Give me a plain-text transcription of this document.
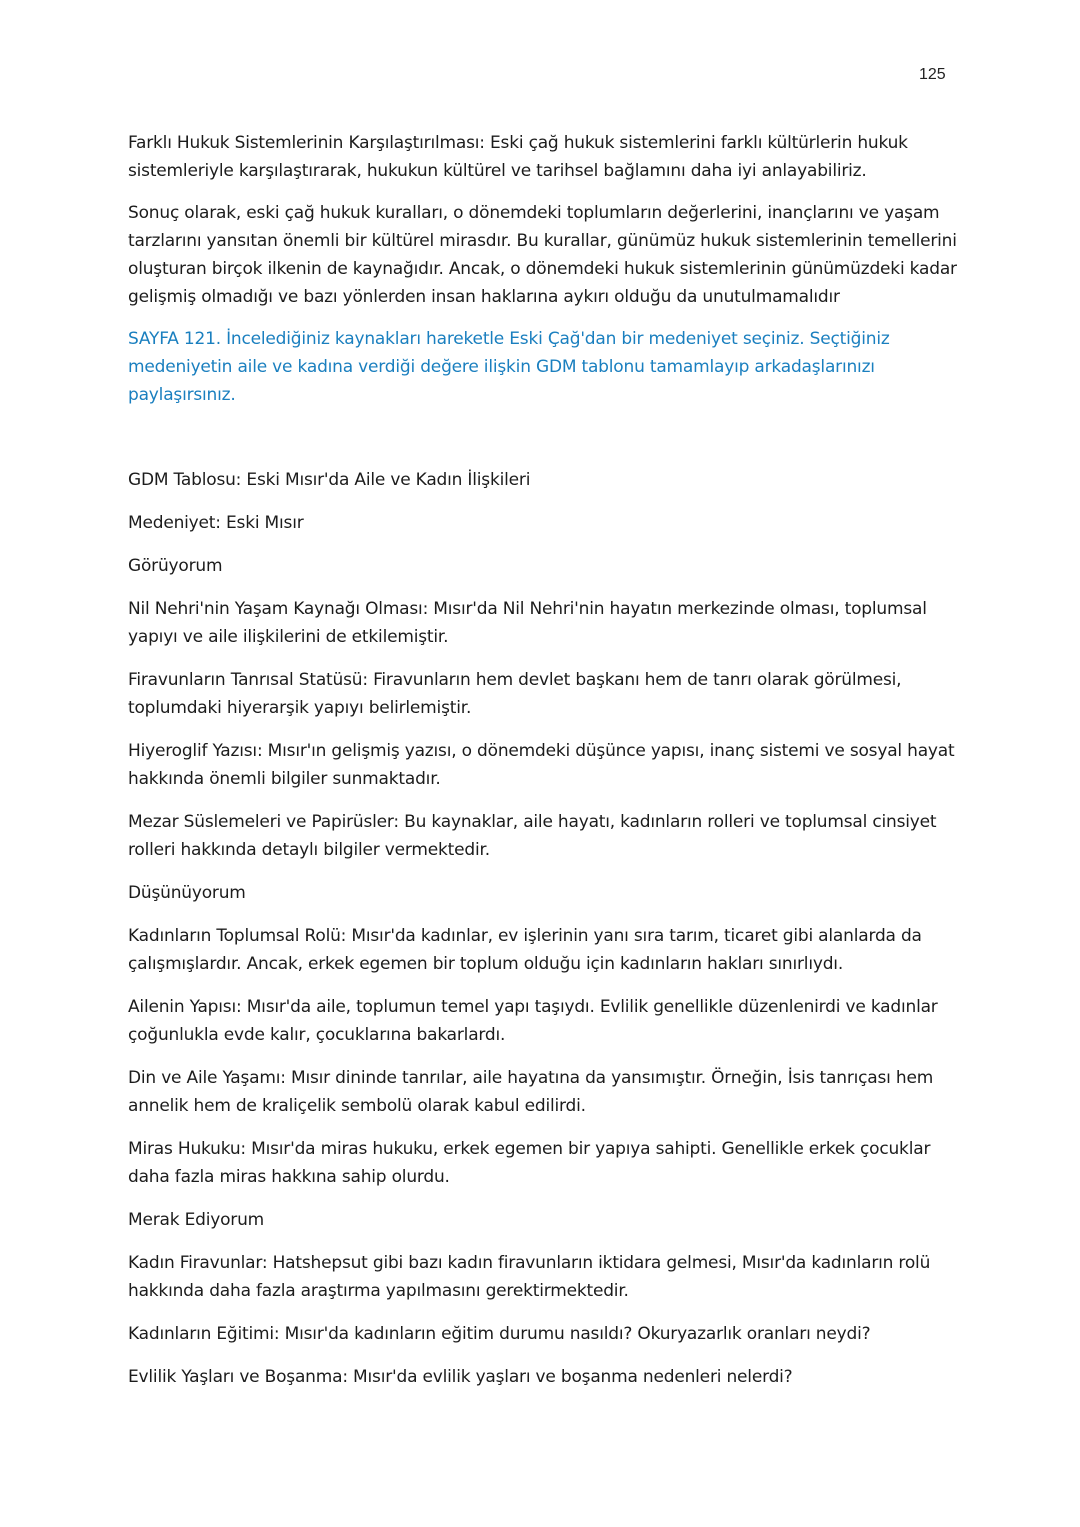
125

Farklı Hukuk Sistemlerinin Karşılaştırılması: Eski çağ hukuk sistemlerini farklı kültürlerin hukuk sistemleriyle karşılaştırarak, hukukun kültürel ve tarihsel bağlamını daha iyi anlayabiliriz.

Sonuç olarak, eski çağ hukuk kuralları, o dönemdeki toplumların değerlerini, inançlarını ve yaşam tarzlarını yansıtan önemli bir kültürel mirasdır. Bu kurallar, günümüz hukuk sistemlerinin temellerini oluşturan birçok ilkenin de kaynağıdır. Ancak, o dönemdeki hukuk sistemlerinin günümüzdeki kadar gelişmiş olmadığı ve bazı yönlerden insan haklarına aykırı olduğu da unutulmamalıdır

SAYFA 121. İncelediğiniz kaynakları hareketle Eski Çağ'dan bir medeniyet seçiniz. Seçtiğiniz medeniyetin aile ve kadına verdiği değere ilişkin GDM tablonu tamamlayıp arkadaşlarınızı paylaşırsınız.

GDM Tablosu: Eski Mısır'da Aile ve Kadın İlişkileri

Medeniyet: Eski Mısır

Görüyorum

Nil Nehri'nin Yaşam Kaynağı Olması: Mısır'da Nil Nehri'nin hayatın merkezinde olması, toplumsal yapıyı ve aile ilişkilerini de etkilemiştir.

Firavunların Tanrısal Statüsü: Firavunların hem devlet başkanı hem de tanrı olarak görülmesi, toplumdaki hiyerarşik yapıyı belirlemiştir.

Hiyeroglif Yazısı: Mısır'ın gelişmiş yazısı, o dönemdeki düşünce yapısı, inanç sistemi ve sosyal hayat hakkında önemli bilgiler sunmaktadır.

Mezar Süslemeleri ve Papirüsler: Bu kaynaklar, aile hayatı, kadınların rolleri ve toplumsal cinsiyet rolleri hakkında detaylı bilgiler vermektedir.

Düşünüyorum

Kadınların Toplumsal Rolü: Mısır'da kadınlar, ev işlerinin yanı sıra tarım, ticaret gibi alanlarda da çalışmışlardır. Ancak, erkek egemen bir toplum olduğu için kadınların hakları sınırlıydı.

Ailenin Yapısı: Mısır'da aile, toplumun temel yapı taşıydı. Evlilik genellikle düzenlenirdi ve kadınlar çoğunlukla evde kalır, çocuklarına bakarlardı.

Din ve Aile Yaşamı: Mısır dininde tanrılar, aile hayatına da yansımıştır. Örneğin, İsis tanrıçası hem annelik hem de kraliçelik sembolü olarak kabul edilirdi.

Miras Hukuku: Mısır'da miras hukuku, erkek egemen bir yapıya sahipti. Genellikle erkek çocuklar daha fazla miras hakkına sahip olurdu.

Merak Ediyorum

Kadın Firavunlar: Hatshepsut gibi bazı kadın firavunların iktidara gelmesi, Mısır'da kadınların rolü hakkında daha fazla araştırma yapılmasını gerektirmektedir.

Kadınların Eğitimi: Mısır'da kadınların eğitim durumu nasıldı? Okuryazarlık oranları neydi?

Evlilik Yaşları ve Boşanma: Mısır'da evlilik yaşları ve boşanma nedenleri nelerdi?
